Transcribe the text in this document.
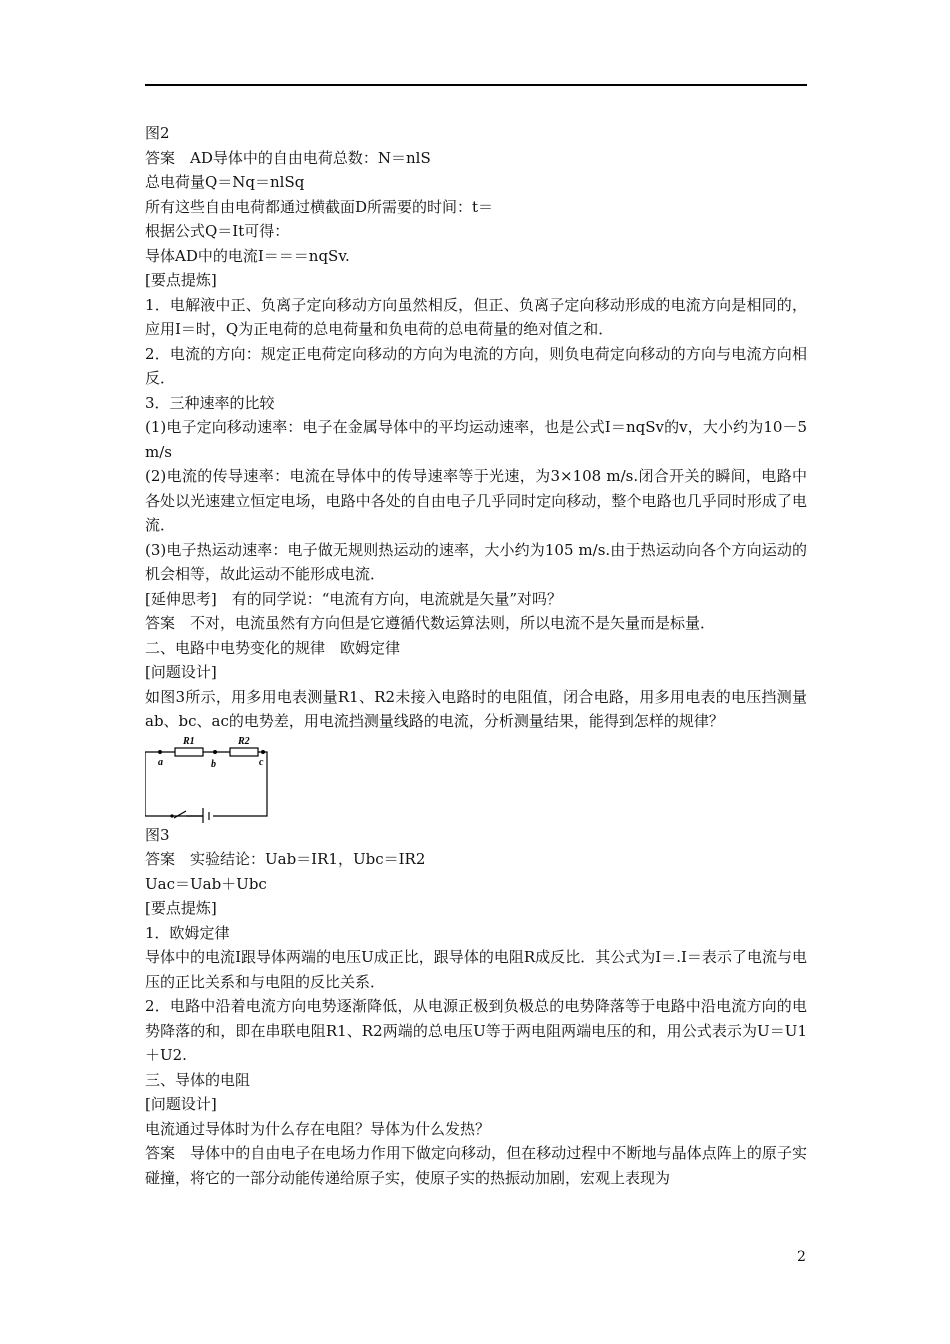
图2

答案　AD导体中的自由电荷总数：N＝nlS

总电荷量Q＝Nq＝nlSq

所有这些自由电荷都通过横截面D所需要的时间：t＝

根据公式Q＝It可得：

导体AD中的电流I＝＝＝nqSv.

[要点提炼]

1．电解液中正、负离子定向移动方向虽然相反，但正、负离子定向移动形成的电流方向是相同的，应用I＝时，Q为正电荷的总电荷量和负电荷的总电荷量的绝对值之和．

2．电流的方向：规定正电荷定向移动的方向为电流的方向，则负电荷定向移动的方向与电流方向相反．

3．三种速率的比较

(1)电子定向移动速率：电子在金属导体中的平均运动速率，也是公式I＝nqSv的v，大小约为10－5 m/s

(2)电流的传导速率：电流在导体中的传导速率等于光速，为3×108 m/s.闭合开关的瞬间，电路中各处以光速建立恒定电场，电路中各处的自由电子几乎同时定向移动，整个电路也几乎同时形成了电流．

(3)电子热运动速率：电子做无规则热运动的速率，大小约为105 m/s.由于热运动向各个方向运动的机会相等，故此运动不能形成电流．

[延伸思考]　有的同学说：“电流有方向，电流就是矢量”对吗？

答案　不对，电流虽然有方向但是它遵循代数运算法则，所以电流不是矢量而是标量．

二、电路中电势变化的规律　欧姆定律

[问题设计]

如图3所示，用多用电表测量R1、R2未接入电路时的电阻值，闭合电路，用多用电表的电压挡测量ab、bc、ac的电势差，用电流挡测量线路的电流，分析测量结果，能得到怎样的规律？

R1	R2
a	b	c

图3

答案　实验结论：Uab＝IR1，Ubc＝IR2

Uac＝Uab＋Ubc

[要点提炼]

1．欧姆定律

导体中的电流I跟导体两端的电压U成正比，跟导体的电阻R成反比．其公式为I＝.I＝表示了电流与电压的正比关系和与电阻的反比关系．

2．电路中沿着电流方向电势逐渐降低，从电源正极到负极总的电势降落等于电路中沿电流方向的电势降落的和，即在串联电阻R1、R2两端的总电压U等于两电阻两端电压的和，用公式表示为U＝U1＋U2.

三、导体的电阻

[问题设计]

电流通过导体时为什么存在电阻？导体为什么发热？

答案　导体中的自由电子在电场力作用下做定向移动，但在移动过程中不断地与晶体点阵上的原子实碰撞，将它的一部分动能传递给原子实，使原子实的热振动加剧，宏观上表现为

2
